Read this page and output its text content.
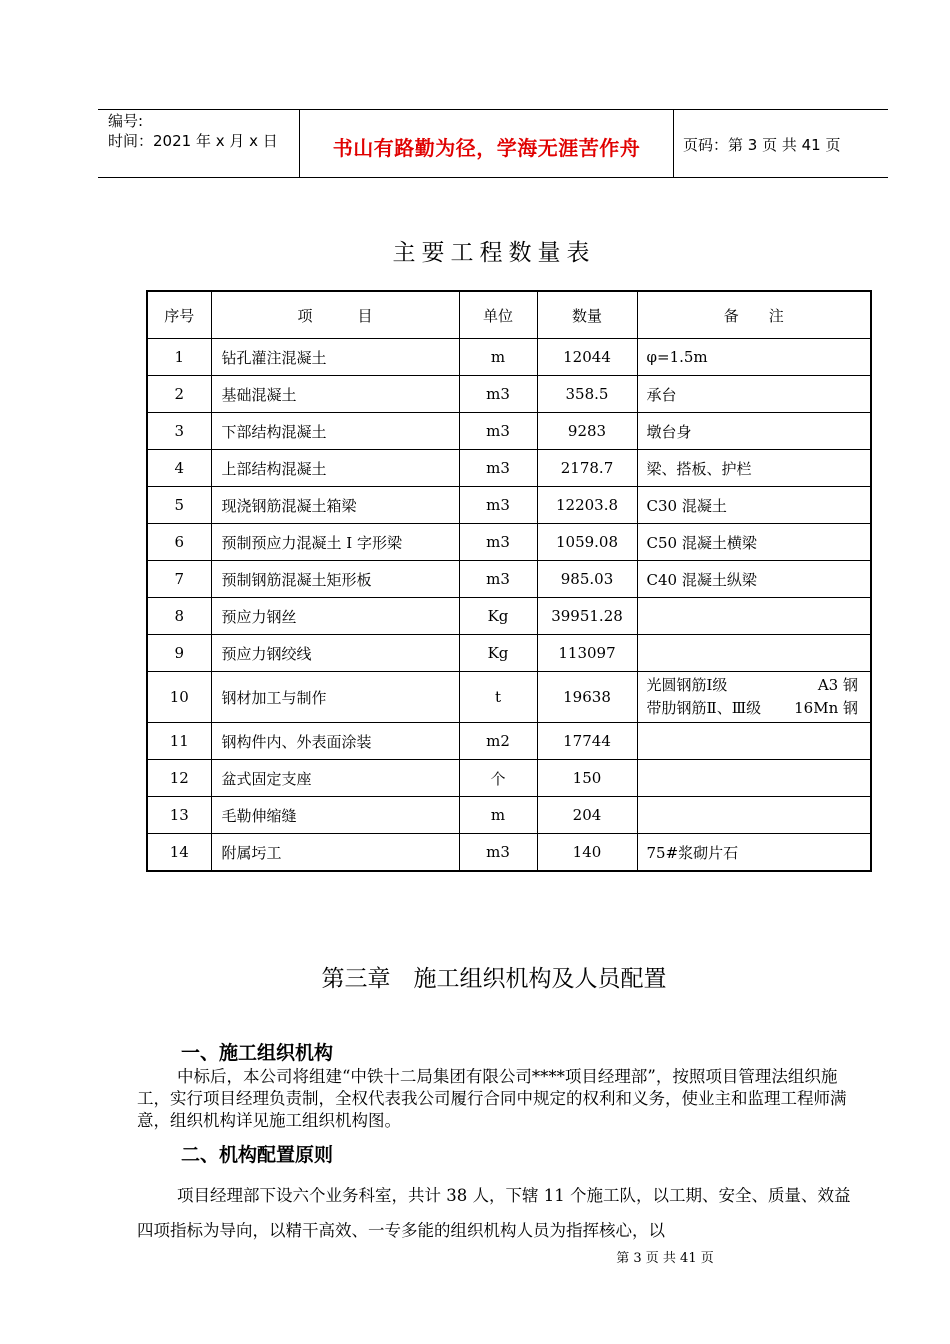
编号:
时间：2021 年 x 月 x 日	书山有路勤为径，学海无涯苦作舟	页码：第 3 页 共 41 页
主要工程数量表
序号	项　　　目	单位	数量	备　　注
1	钻孔灌注混凝土	m	12044	φ=1.5m
2	基础混凝土	m3	358.5	承台
3	下部结构混凝土	m3	9283	墩台身
4	上部结构混凝土	m3	2178.7	梁、搭板、护栏
5	现浇钢筋混凝土箱梁	m3	12203.8	C30 混凝土
6	预制预应力混凝土 I 字形梁	m3	1059.08	C50 混凝土横梁
7	预制钢筋混凝土矩形板	m3	985.03	C40 混凝土纵梁
8	预应力钢丝	Kg	39951.28	
9	预应力钢绞线	Kg	113097	
10	钢材加工与制作	t	19638	光圆钢筋Ⅰ级 A3 钢
带肋钢筋Ⅱ、Ⅲ级 16Mn 钢

11	钢构件内、外表面涂装	m2	17744	
12	盆式固定支座	个	150	
13	毛勒伸缩缝	m	204	
14	附属圬工	m3	140	75#浆砌片石
第三章　施工组织机构及人员配置
一、施工组织机构
中标后，本公司将组建“中铁十二局集团有限公司****项目经理部”，按照项目管理法组织施工，实行项目经理负责制，全权代表我公司履行合同中规定的权利和义务，使业主和监理工程师满意，组织机构详见施工组织机构图。
二、机构配置原则
项目经理部下设六个业务科室，共计 38 人，下辖 11 个施工队，以工期、安全、质量、效益四项指标为导向，以精干高效、一专多能的组织机构人员为指挥核心，以
第 3 页 共 41 页
